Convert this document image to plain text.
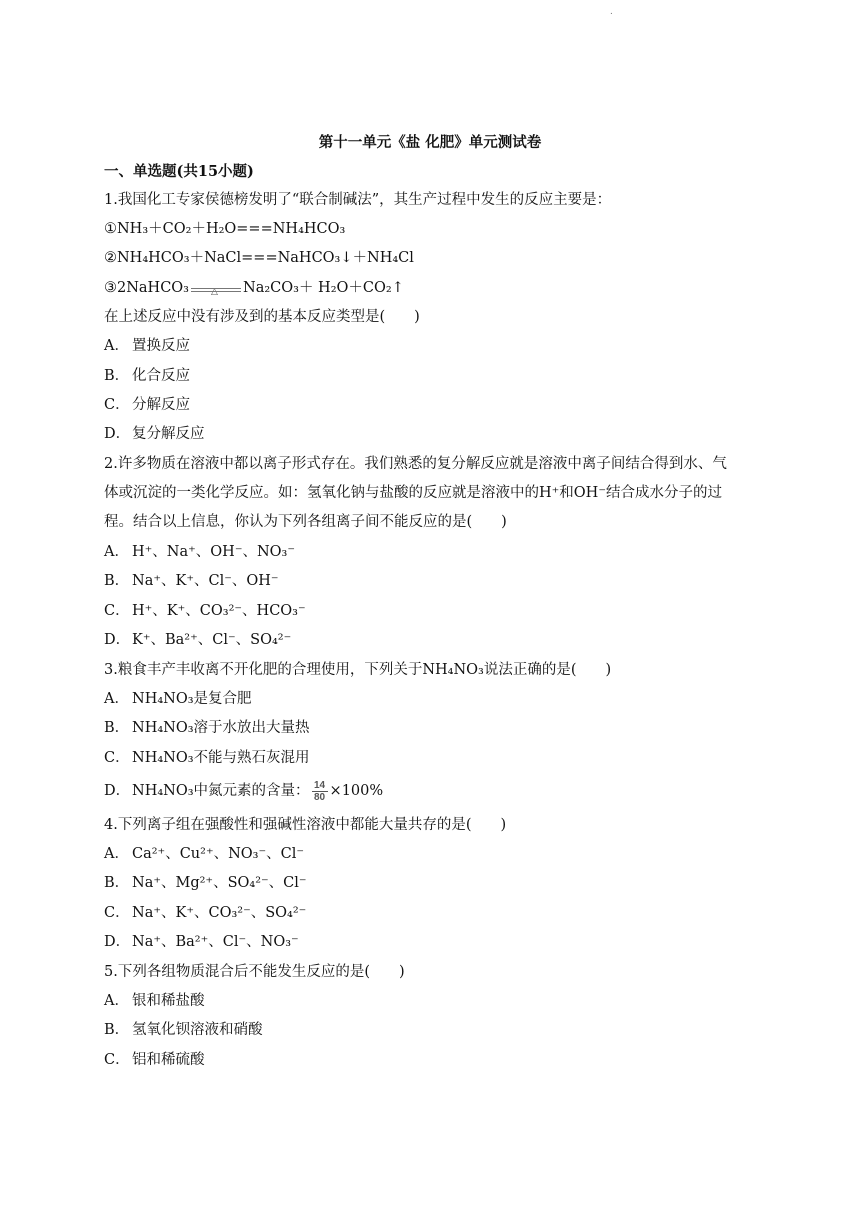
.
第十一单元《盐 化肥》单元测试卷
一、单选题(共15小题)
1.我国化工专家侯德榜发明了“联合制碱法”，其生产过程中发生的反应主要是：
①NH₃＋CO₂＋H₂O===NH₄HCO₃
②NH₄HCO₃＋NaCl===NaHCO₃↓＋NH₄Cl
③2NaHCO₃ △ Na₂CO₃＋ H₂O＋CO₂↑
在上述反应中没有涉及到的基本反应类型是(　　)
A． 置换反应
B． 化合反应
C． 分解反应
D． 复分解反应
2.许多物质在溶液中都以离子形式存在。我们熟悉的复分解反应就是溶液中离子间结合得到水、气
体或沉淀的一类化学反应。如：氢氧化钠与盐酸的反应就是溶液中的H⁺和OH⁻结合成水分子的过
程。结合以上信息，你认为下列各组离子间不能反应的是(　　)
A． H⁺、Na⁺、OH⁻、NO₃⁻
B． Na⁺、K⁺、Cl⁻、OH⁻
C． H⁺、K⁺、CO₃²⁻、HCO₃⁻
D． K⁺、Ba²⁺、Cl⁻、SO₄²⁻
3.粮食丰产丰收离不开化肥的合理使用，下列关于NH₄NO₃说法正确的是(　　)
A． NH₄NO₃是复合肥
B． NH₄NO₃溶于水放出大量热
C． NH₄NO₃不能与熟石灰混用
D． NH₄NO₃中氮元素的含量： $\frac{14}{80} \times 100\%$
4.下列离子组在强酸性和强碱性溶液中都能大量共存的是(　　)
A． Ca²⁺、Cu²⁺、NO₃⁻、Cl⁻
B． Na⁺、Mg²⁺、SO₄²⁻、Cl⁻
C． Na⁺、K⁺、CO₃²⁻、SO₄²⁻
D． Na⁺、Ba²⁺、Cl⁻、NO₃⁻
5.下列各组物质混合后不能发生反应的是(　　)
A． 银和稀盐酸
B． 氢氧化钡溶液和硝酸
C． 铝和稀硫酸
